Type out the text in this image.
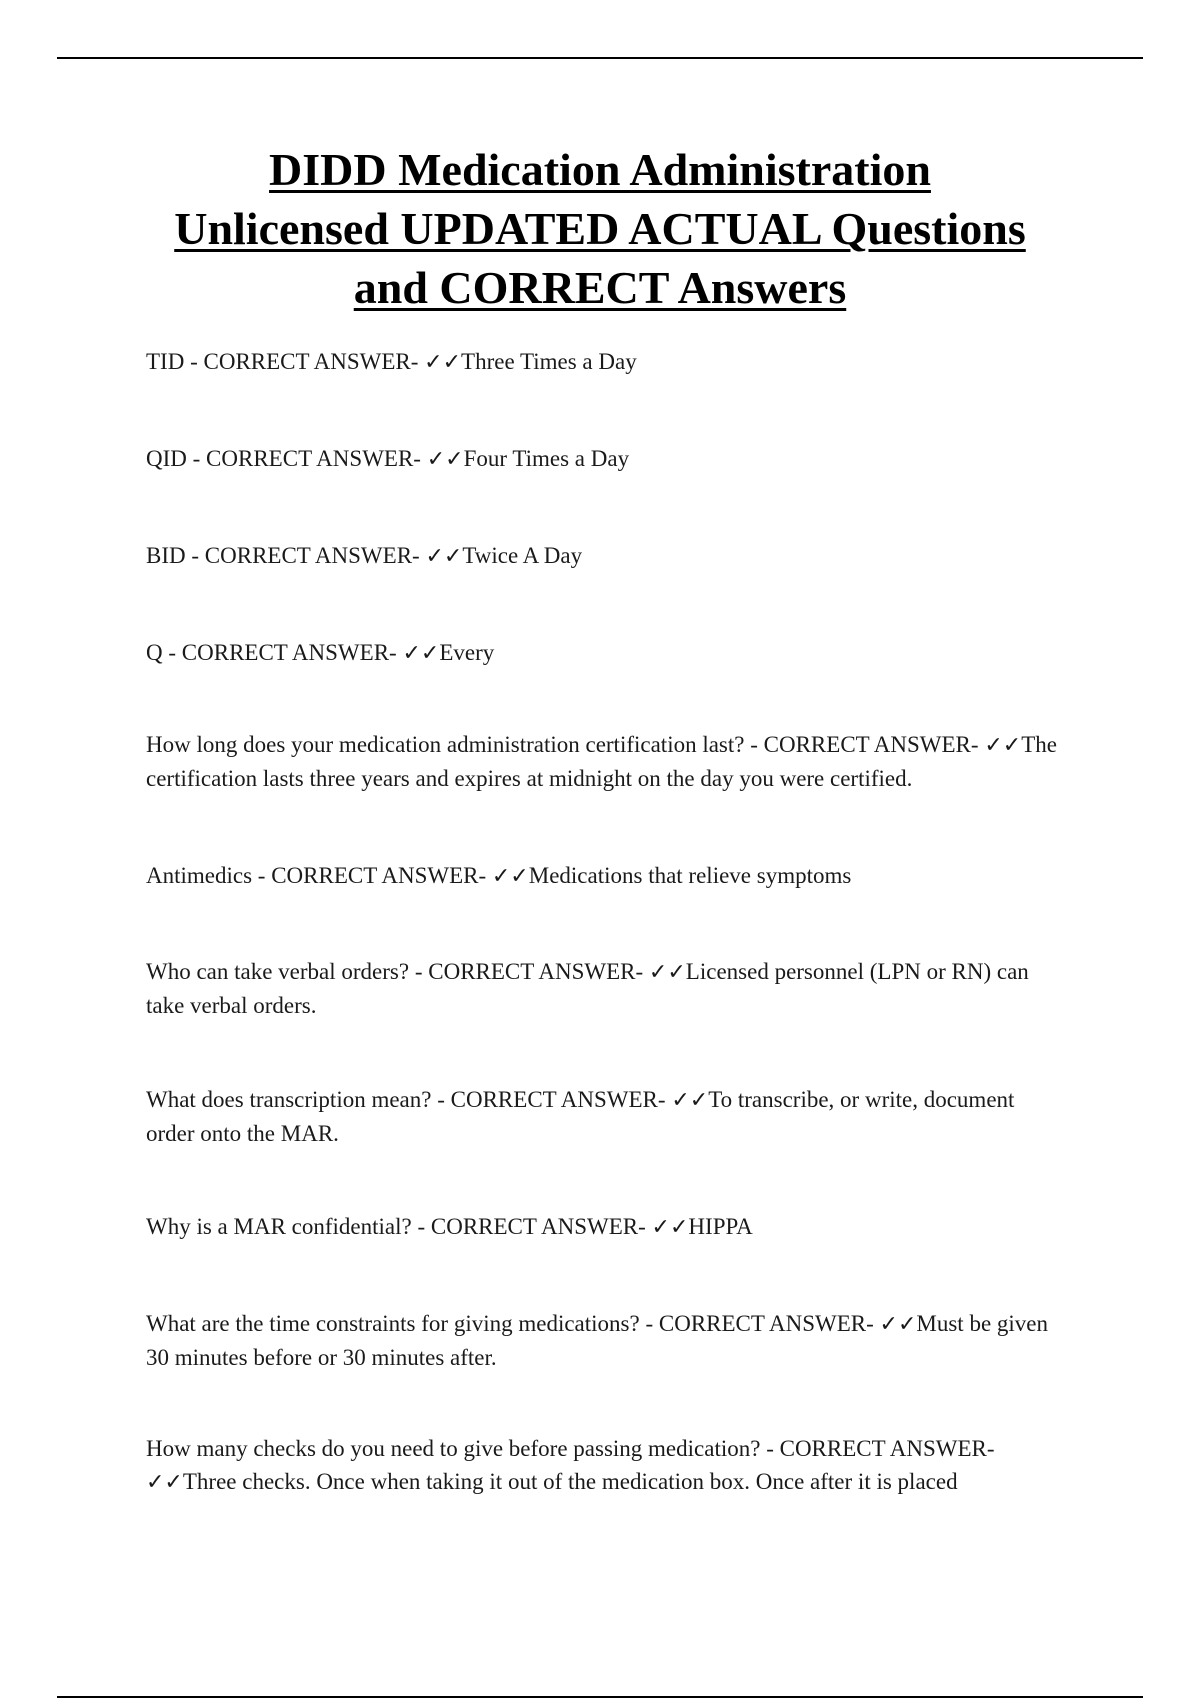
DIDD Medication Administration
Unlicensed UPDATED ACTUAL Questions
and CORRECT Answers

TID - CORRECT ANSWER- ✓✓Three Times a Day

QID - CORRECT ANSWER- ✓✓Four Times a Day

BID - CORRECT ANSWER- ✓✓Twice A Day

Q - CORRECT ANSWER- ✓✓Every

How long does your medication administration certification last? - CORRECT ANSWER- ✓✓The certification lasts three years and expires at midnight on the day you were certified.

Antimedics - CORRECT ANSWER- ✓✓Medications that relieve symptoms

Who can take verbal orders? - CORRECT ANSWER- ✓✓Licensed personnel (LPN or RN) can take verbal orders.

What does transcription mean? - CORRECT ANSWER- ✓✓To transcribe, or write, document order onto the MAR.

Why is a MAR confidential? - CORRECT ANSWER- ✓✓HIPPA

What are the time constraints for giving medications? - CORRECT ANSWER- ✓✓Must be given 30 minutes before or 30 minutes after.

How many checks do you need to give before passing medication? - CORRECT ANSWER- ✓✓Three checks. Once when taking it out of the medication box. Once after it is placed
